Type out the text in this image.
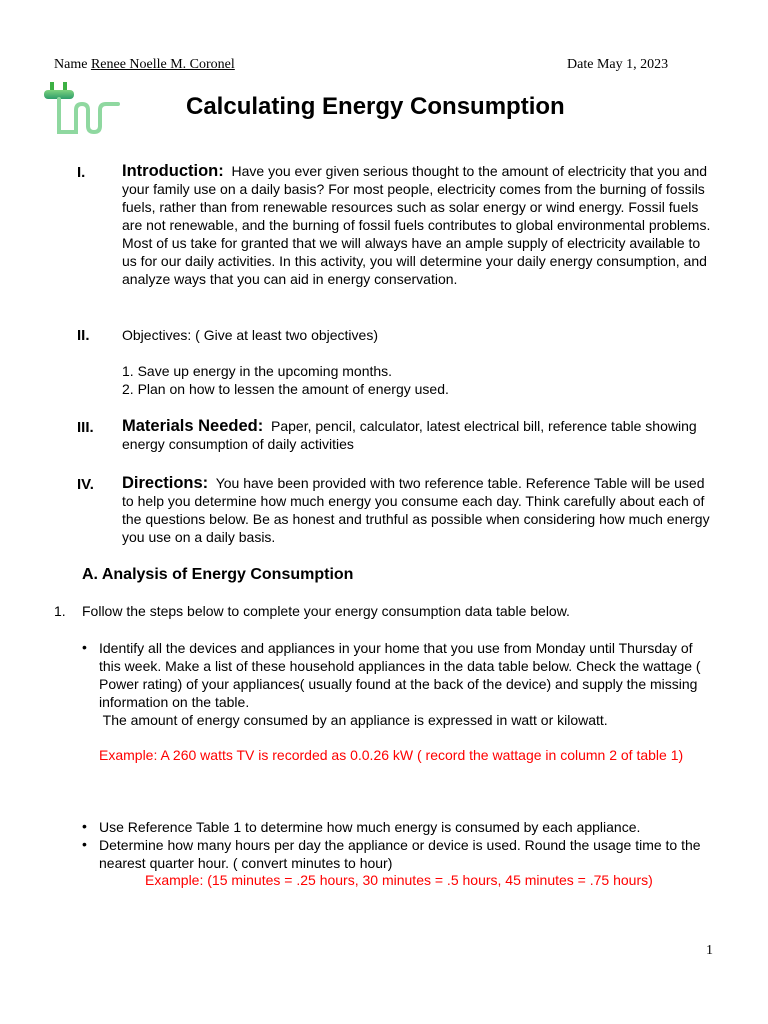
Name Renee Noelle M. Coronel	Date May 1, 2023
Calculating Energy Consumption
I. Introduction: Have you ever given serious thought to the amount of electricity that you and your family use on a daily basis? For most people, electricity comes from the burning of fossils fuels, rather than from renewable resources such as solar energy or wind energy. Fossil fuels are not renewable, and the burning of fossil fuels contributes to global environmental problems. Most of us take for granted that we will always have an ample supply of electricity available to us for our daily activities. In this activity, you will determine your daily energy consumption, and analyze ways that you can aid in energy conservation.
II. Objectives: ( Give at least two objectives)
1. Save up energy in the upcoming months.
2. Plan on how to lessen the amount of energy used.
III. Materials Needed: Paper, pencil, calculator, latest electrical bill, reference table showing energy consumption of daily activities
IV. Directions: You have been provided with two reference table. Reference Table will be used to help you determine how much energy you consume each day. Think carefully about each of the questions below. Be as honest and truthful as possible when considering how much energy you use on a daily basis.
A. Analysis of Energy Consumption
1. Follow the steps below to complete your energy consumption data table below.
• Identify all the devices and appliances in your home that you use from Monday until Thursday of this week. Make a list of these household appliances in the data table below. Check the wattage ( Power rating) of your appliances( usually found at the back of the device) and supply the missing information on the table.
The amount of energy consumed by an appliance is expressed in watt or kilowatt.
Example: A 260 watts TV is recorded as 0.0.26 kW ( record the wattage in column 2 of table 1)
• Use Reference Table 1 to determine how much energy is consumed by each appliance.
• Determine how many hours per day the appliance or device is used. Round the usage time to the nearest quarter hour. ( convert minutes to hour)
Example: (15 minutes = .25 hours, 30 minutes = .5 hours, 45 minutes = .75 hours)
1
